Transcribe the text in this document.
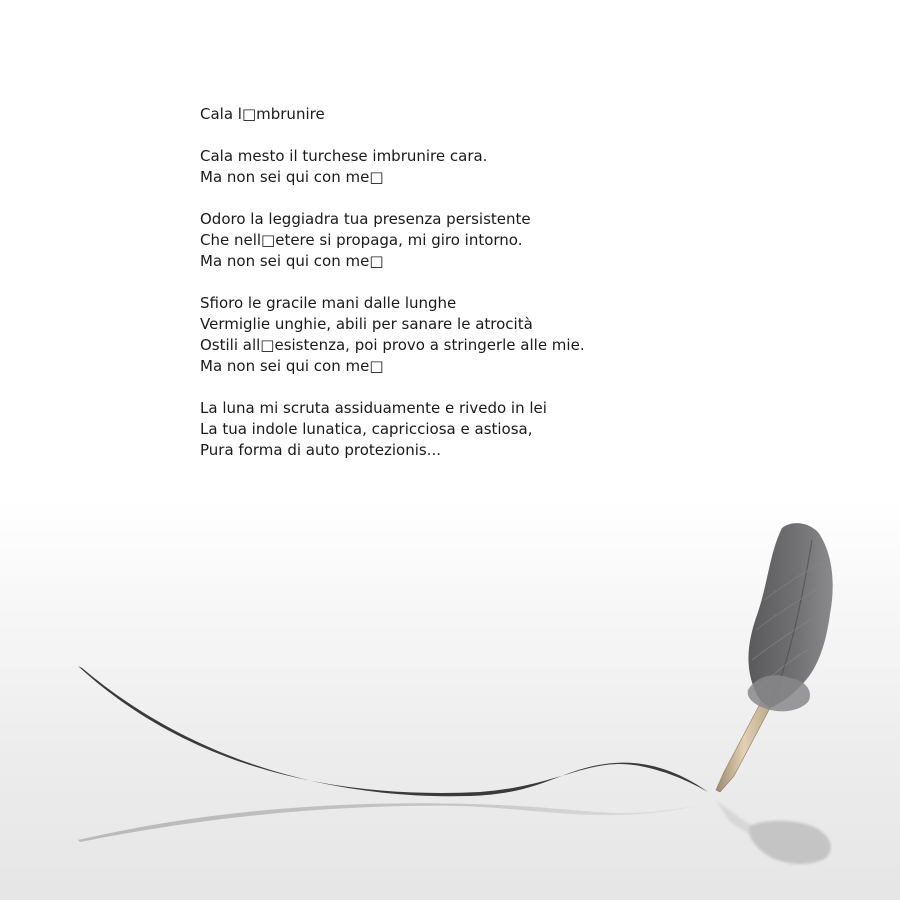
Cala l□mbrunire
Cala mesto il turchese imbrunire cara.
Ma non sei qui con me□
Odoro la leggiadra tua presenza persistente
Che nell□etere si propaga, mi giro intorno.
Ma non sei qui con me□
Sfioro le gracile mani dalle lunghe
Vermiglie unghie, abili per sanare le atrocità
Ostili all□esistenza, poi provo a stringerle alle mie.
Ma non sei qui con me□
La luna mi scruta assiduamente e rivedo in lei
La tua indole lunatica, capricciosa e astiosa,
Pura forma di auto protezionis...
